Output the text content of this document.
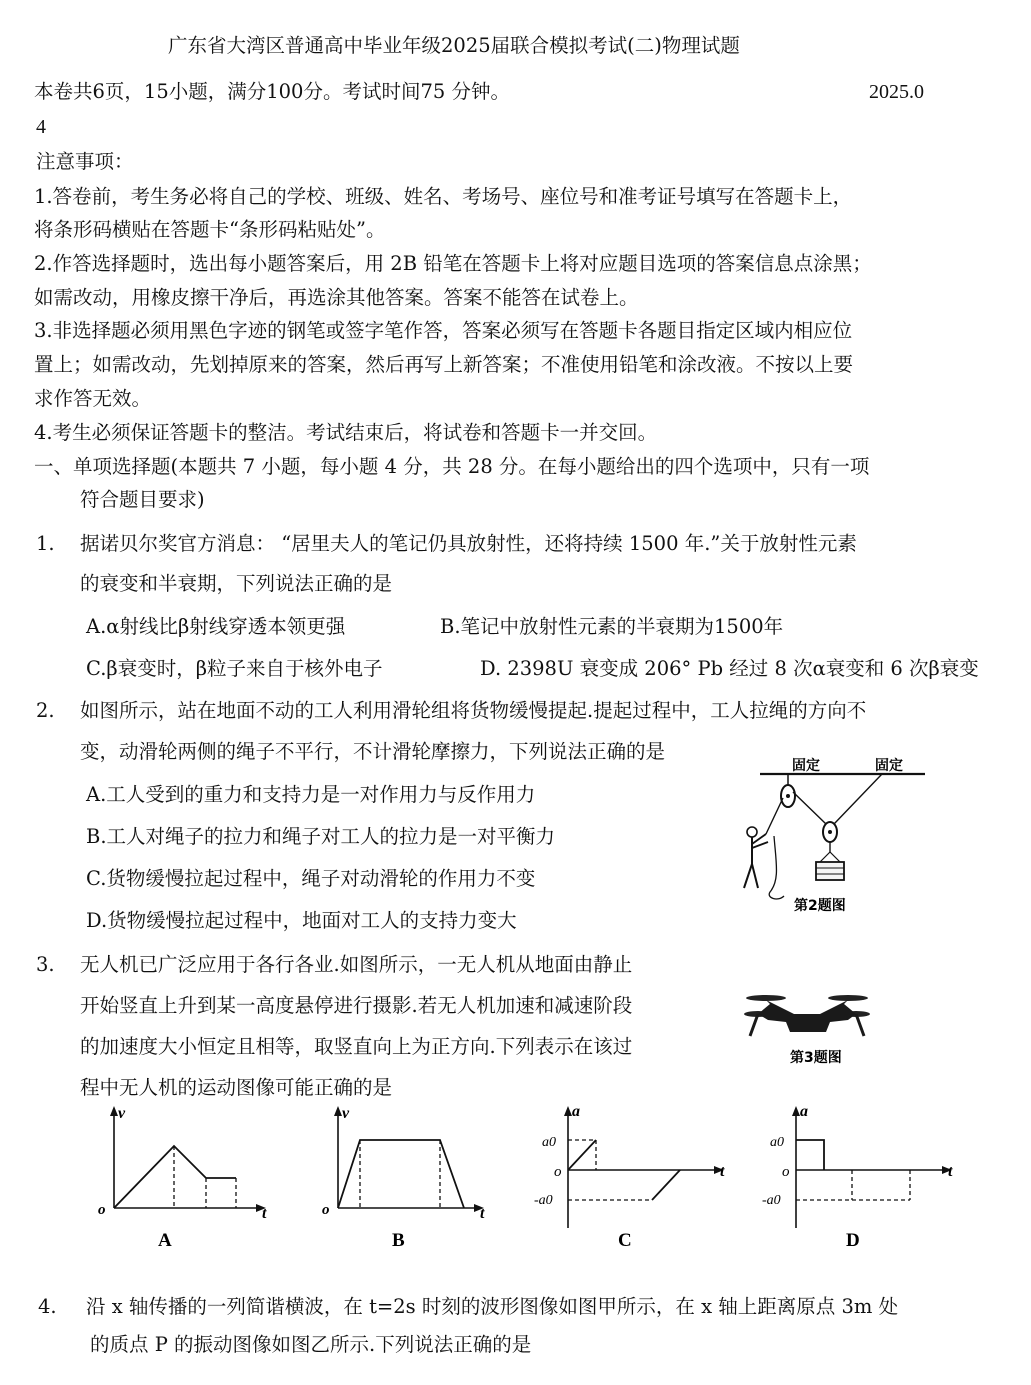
广东省大湾区普通高中毕业年级2025届联合模拟考试(二)物理试题
本卷共6页，15小题，满分100分。考试时间75 分钟。	2025.0
4
注意事项：
1.答卷前，考生务必将自己的学校、班级、姓名、考场号、座位号和准考证号填写在答题卡上，
将条形码横贴在答题卡“条形码粘贴处”。
2.作答选择题时，选出每小题答案后，用 2B 铅笔在答题卡上将对应题目选项的答案信息点涂黑；
如需改动，用橡皮擦干净后，再选涂其他答案。答案不能答在试卷上。
3.非选择题必须用黑色字迹的钢笔或签字笔作答，答案必须写在答题卡各题目指定区域内相应位
置上；如需改动，先划掉原来的答案，然后再写上新答案；不准使用铅笔和涂改液。不按以上要
求作答无效。
4.考生必须保证答题卡的整洁。考试结束后，将试卷和答题卡一并交回。
一、单项选择题(本题共 7 小题，每小题 4 分，共 28 分。在每小题给出的四个选项中，只有一项
符合题目要求)
1. 据诺贝尔奖官方消息： “居里夫人的笔记仍具放射性，还将持续 1500 年.”关于放射性元素
的衰变和半衰期，下列说法正确的是
A.α射线比β射线穿透本领更强	B.笔记中放射性元素的半衰期为1500年
C.β衰变时，β粒子来自于核外电子	D. 2398U 衰变成 206° Pb 经过 8 次α衰变和 6 次β衰变
2. 如图所示，站在地面不动的工人利用滑轮组将货物缓慢提起.提起过程中，工人拉绳的方向不
变，动滑轮两侧的绳子不平行，不计滑轮摩擦力，下列说法正确的是
A.工人受到的重力和支持力是一对作用力与反作用力
B.工人对绳子的拉力和绳子对工人的拉力是一对平衡力
C.货物缓慢拉起过程中，绳子对动滑轮的作用力不变
D.货物缓慢拉起过程中，地面对工人的支持力变大
固定	固定
第2题图
3. 无人机已广泛应用于各行各业.如图所示，一无人机从地面由静止
开始竖直上升到某一高度悬停进行摄影.若无人机加速和减速阶段
的加速度大小恒定且相等，取竖直向上为正方向.下列表示在该过
程中无人机的运动图像可能正确的是
第3题图
v
t
o
A
v
t
o
B
a
t
o
a0
-a0
C
a
t
o
a0
-a0
D
4. 沿 x 轴传播的一列简谐横波，在 t=2s 时刻的波形图像如图甲所示，在 x 轴上距离原点 3m 处
的质点 P 的振动图像如图乙所示.下列说法正确的是
